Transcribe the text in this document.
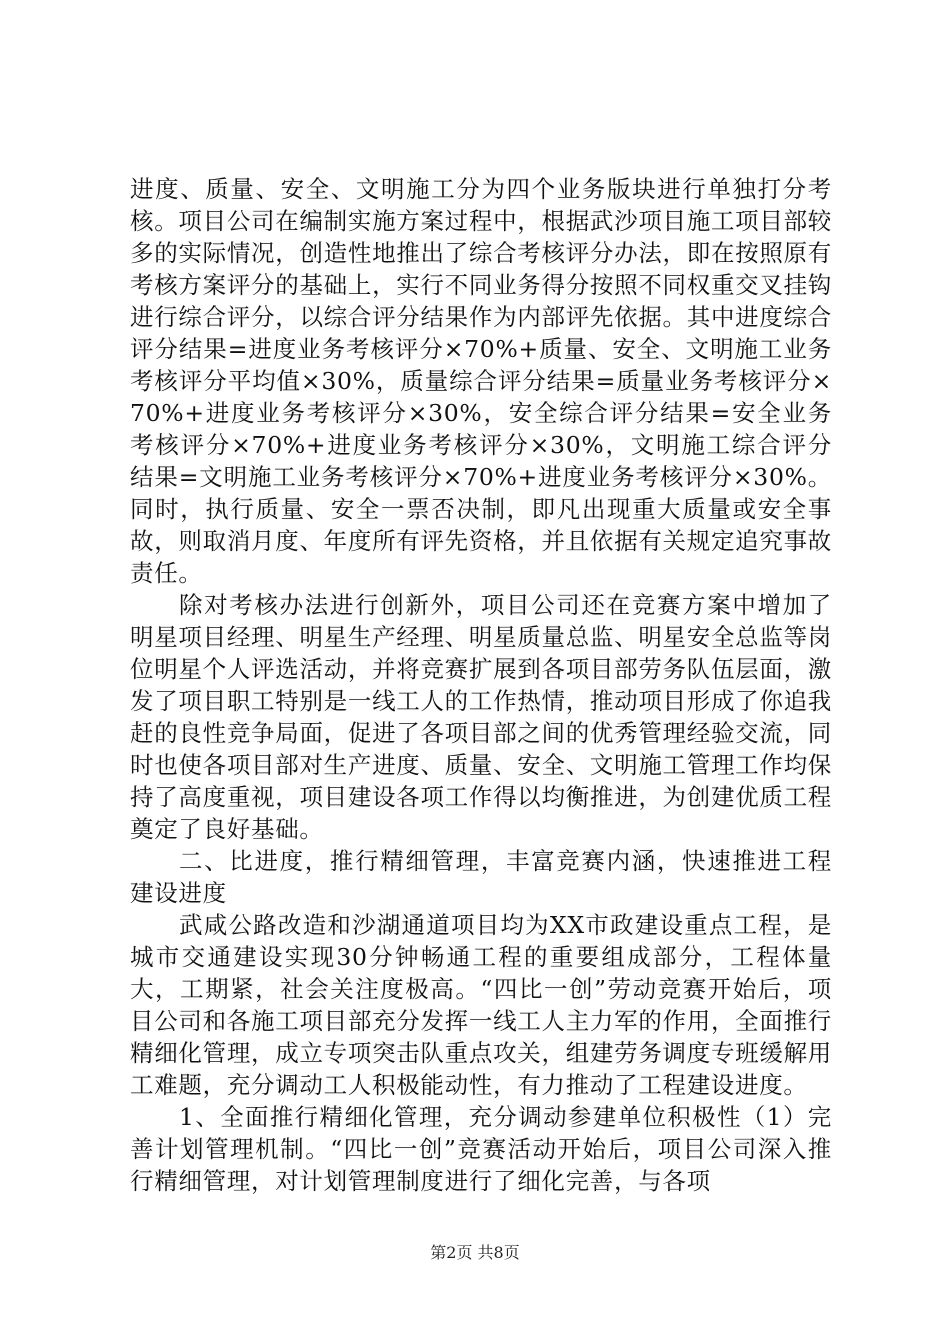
进度、质量、安全、文明施工分为四个业务版块进行单独打分考核。项目公司在编制实施方案过程中，根据武沙项目施工项目部较多的实际情况，创造性地推出了综合考核评分办法，即在按照原有考核方案评分的基础上，实行不同业务得分按照不同权重交叉挂钩进行综合评分，以综合评分结果作为内部评先依据。其中进度综合评分结果=进度业务考核评分×70%+质量、安全、文明施工业务考核评分平均值×30%，质量综合评分结果=质量业务考核评分×70%+进度业务考核评分×30%，安全综合评分结果=安全业务考核评分×70%+进度业务考核评分×30%，文明施工综合评分结果=文明施工业务考核评分×70%+进度业务考核评分×30%。同时，执行质量、安全一票否决制，即凡出现重大质量或安全事故，则取消月度、年度所有评先资格，并且依据有关规定追究事故责任。

除对考核办法进行创新外，项目公司还在竞赛方案中增加了明星项目经理、明星生产经理、明星质量总监、明星安全总监等岗位明星个人评选活动，并将竞赛扩展到各项目部劳务队伍层面，激发了项目职工特别是一线工人的工作热情，推动项目形成了你追我赶的良性竞争局面，促进了各项目部之间的优秀管理经验交流，同时也使各项目部对生产进度、质量、安全、文明施工管理工作均保持了高度重视，项目建设各项工作得以均衡推进，为创建优质工程奠定了良好基础。

二、比进度，推行精细管理，丰富竞赛内涵，快速推进工程建设进度

武咸公路改造和沙湖通道项目均为XX市政建设重点工程，是城市交通建设实现30分钟畅通工程的重要组成部分，工程体量大，工期紧，社会关注度极高。“四比一创”劳动竞赛开始后，项目公司和各施工项目部充分发挥一线工人主力军的作用，全面推行精细化管理，成立专项突击队重点攻关，组建劳务调度专班缓解用工难题，充分调动工人积极能动性，有力推动了工程建设进度。

1、全面推行精细化管理，充分调动参建单位积极性（1）完善计划管理机制。“四比一创”竞赛活动开始后，项目公司深入推行精细管理，对计划管理制度进行了细化完善，与各项

第2页 共8页
